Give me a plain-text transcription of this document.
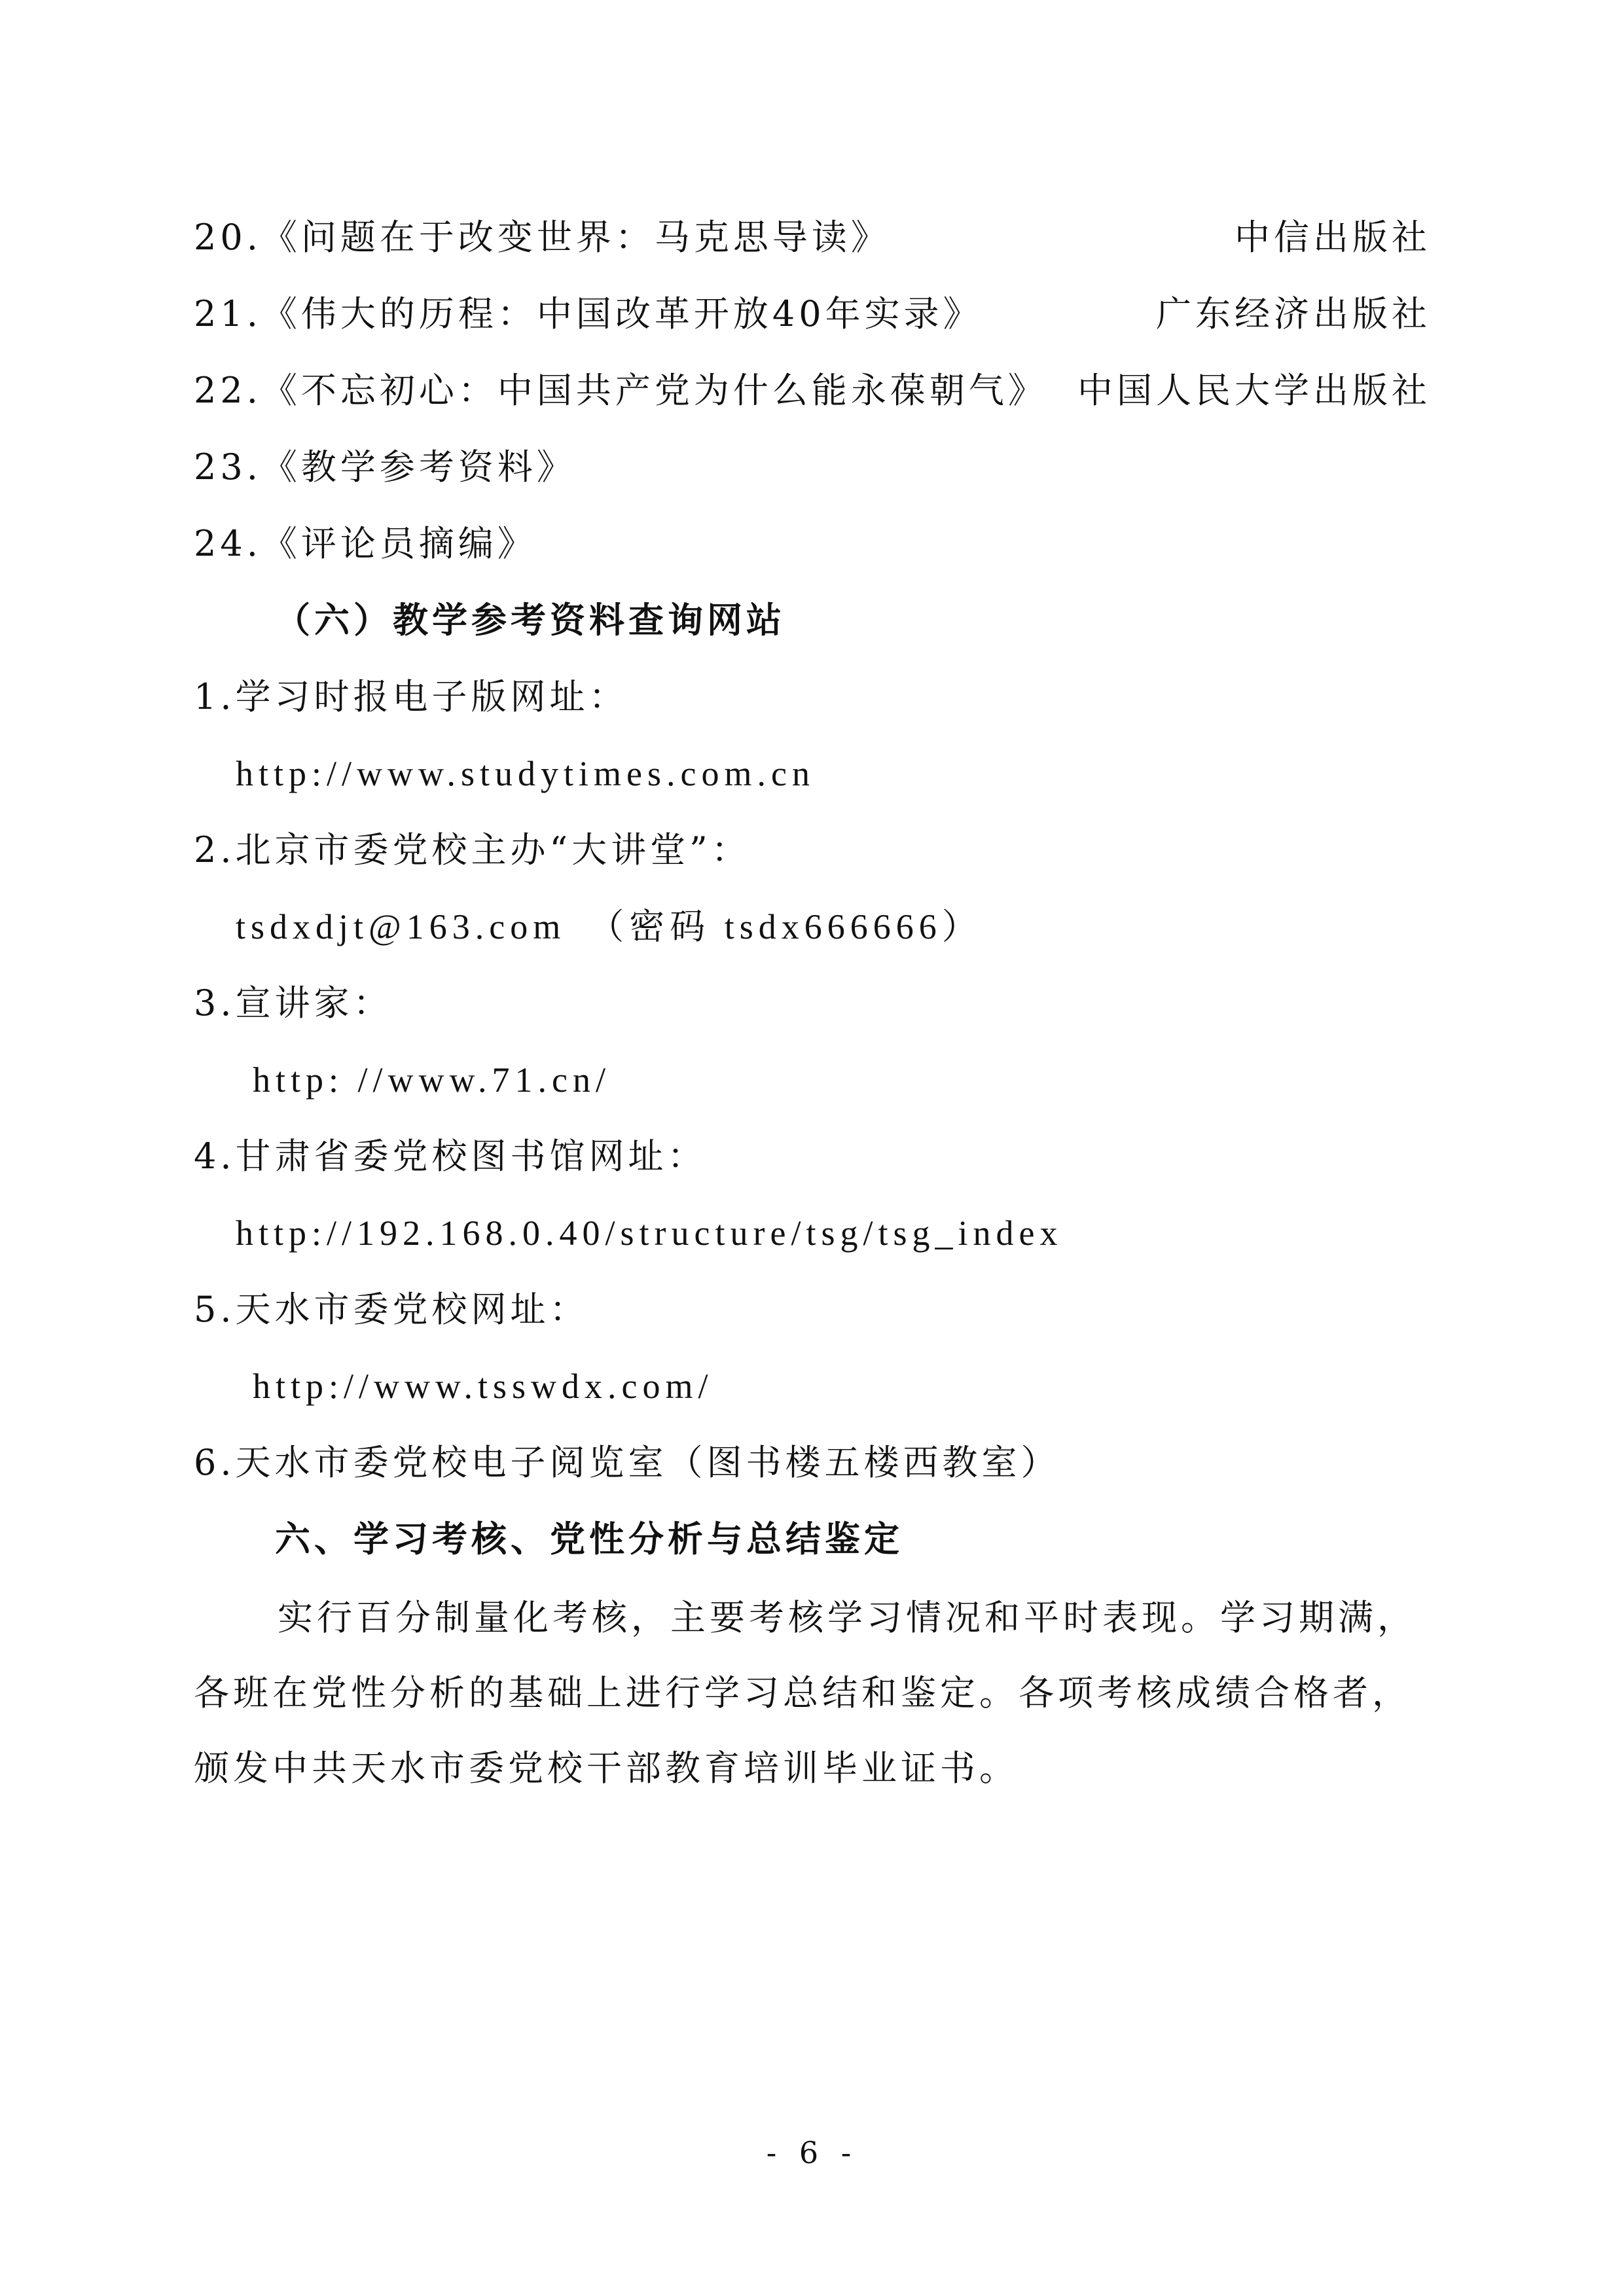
20.《问题在于改变世界：马克思导读》	中信出版社
21.《伟大的历程：中国改革开放40年实录》	广东经济出版社
22.《不忘初心：中国共产党为什么能永葆朝气》 中国人民大学出版社
23.《教学参考资料》
24.《评论员摘编》
（六）教学参考资料查询网站
1.学习时报电子版网址：
http://www.studytimes.com.cn
2.北京市委党校主办“大讲堂”：
tsdxdjt@163.com　（密码 tsdx666666）
3.宣讲家：
http: //www.71.cn/
4.甘肃省委党校图书馆网址：
http://192.168.0.40/structure/tsg/tsg_index
5.天水市委党校网址：
http://www.tsswdx.com/
6.天水市委党校电子阅览室（图书楼五楼西教室）
六、学习考核、党性分析与总结鉴定

实行百分制量化考核，主要考核学习情况和平时表现。学习期满，各班在党性分析的基础上进行学习总结和鉴定。各项考核成绩合格者，颁发中共天水市委党校干部教育培训毕业证书。

- 6 -
